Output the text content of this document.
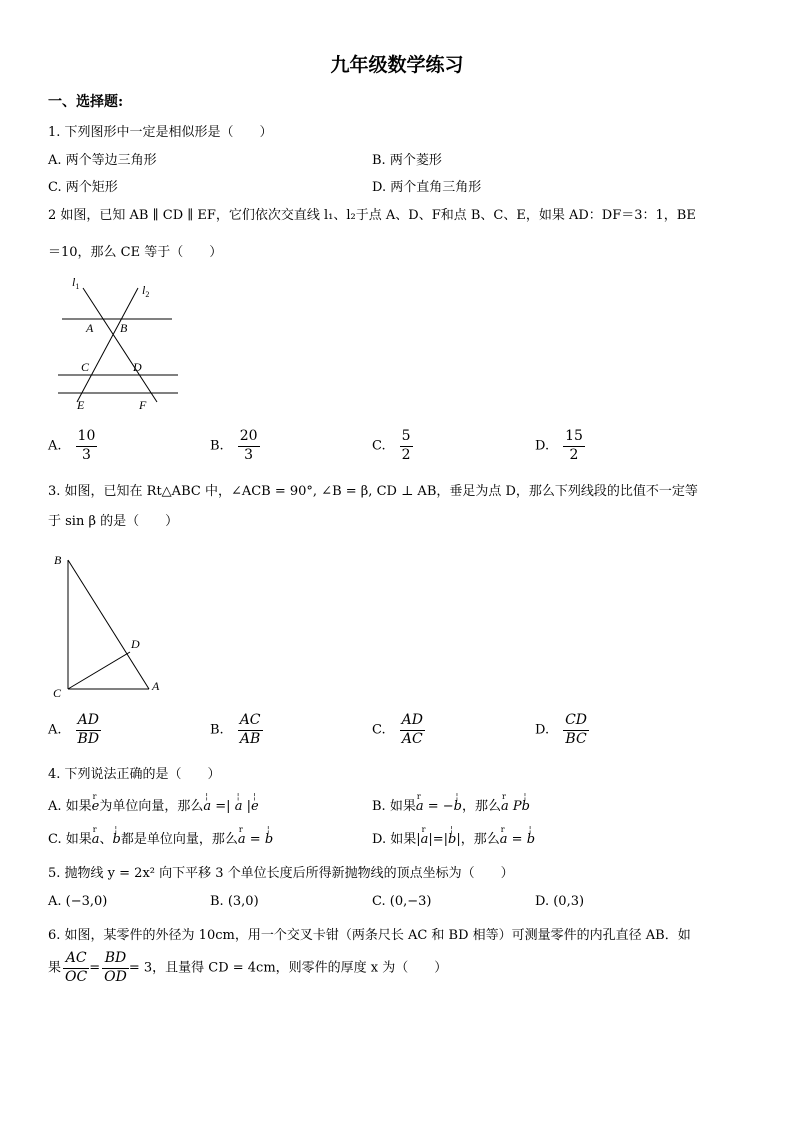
九年级数学练习
一、选择题:
1. 下列图形中一定是相似形是（　　）
A. 两个等边三角形	B. 两个菱形
C. 两个矩形	D. 两个直角三角形
2 如图，已知 AB ∥ CD ∥ EF，它们依次交直线 l₁、l₂于点 A、D、F和点 B、C、E，如果 AD：DF＝3：1，BE
＝10，那么 CE 等于（　　）
$l_1$	$l_2$
A B
C	D
E	F
A. $\frac{10}{3}$	B. $\frac{20}{3}$	C. $\frac{5}{2}$	D. $\frac{15}{2}$
3. 如图，已知在 Rt△ABC 中，∠ACB = 90°, ∠B = β, CD ⊥ AB，垂足为点 D，那么下列线段的比值不一定等
于 sin β 的是（　　）
B
D
C	A
A. $\frac{AD}{BD}$	B. $\frac{AC}{AB}$	C. $\frac{AD}{AC}$	D. $\frac{CD}{BC}$
4. 下列说法正确的是（　　）
A. 如果r e为单位向量，那么¦ a =| ¦ a |¦ e	B. 如果r a = −¦ b，那么r a P¦ b
C. 如果r a、¦ b都是单位向量，那么r a = ¦ b	D. 如果|r a|=|¦ b|，那么r a = ¦ b
5. 抛物线 y = 2x² 向下平移 3 个单位长度后所得新抛物线的顶点坐标为（　　）
A. (−3,0)	B. (3,0)	C. (0,−3)	D. (0,3)
6. 如图，某零件的外径为 10cm，用一个交叉卡钳（两条尺长 AC 和 BD 相等）可测量零件的内孔直径 AB．如
果 $\frac{AC}{OC} = \frac{BD}{OD} = 3$，且量得 CD = 4cm，则零件的厚度 x 为（　　）
